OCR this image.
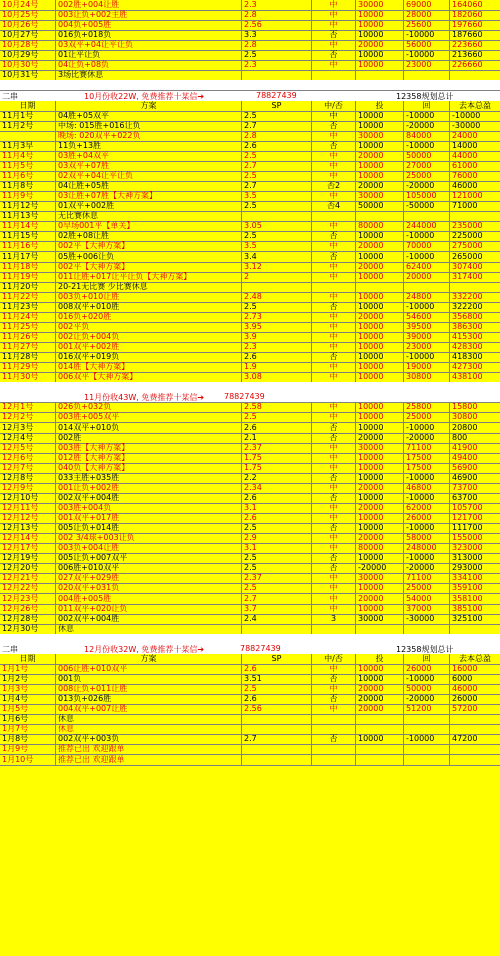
10月24号	002胜+004让胜	2.3	中	30000	69000	164060
10月25号	003让负+002主胜	2.8	中	10000	28000	182060
10月26号	004负+005胜	2.56	中	10000	25600	197660
10月27号	016负+018负	3.3	否	10000	-10000	187660
10月28号	03双平+04让平让负	2.8	中	20000	56000	223660
10月29号	01让平让负	2.5	否	10000	-10000	213660
10月30号	04让负+08负	2.3	中	10000	23000	226660
10月31号	3场比赛休息
二串	10月份收22W, 免费推荐十某信➔	78827439	12358规划总计
日期	方案	SP	中/否	投	回	去本总盈
11月1号	04胜+05双平	2.5	中	10000	-10000	-10000
11月2号	中场: 015胜+016让负	2.7	否	10000	-20000	-30000
晚场: 020双平+022负	2.8	中	30000	84000	24000
11月3早	11负+13胜	2.6	否	10000	-10000	14000
11月4号	03胜+04双平	2.5	中	20000	50000	44000
11月5号	03双平+07胜	2.7	中	10000	27000	61000
11月6号	02双平+04让平让负	2.5	中	10000	25000	76000
11月8号	04让胜+05胜	2.7	否2	20000	-20000	46000
11月9号	03让胜+07胜【大神方案】	3.5	中	30000	105000	121000
11月12号	01双平+002胜	2.5	否4	50000	-50000	71000
11月13号	无比赛休息
11月14号	0早场001平【单关】	3.05	中	80000	244000	235000
11月15号	02胜+08让胜	2.5	否	10000	-10000	225000
11月16号	002平【大神方案】	3.5	中	20000	70000	275000
11月17号	05胜+006让负	3.4	否	10000	-10000	265000
11月18号	002平【大神方案】	3.12	中	20000	62400	307400
11月19号	011让胜+017让平让负【大神方案】	2	中	10000	20000	317400
11月20号	20-21无比赛 少比赛休息
11月22号	003负+010让胜	2.48	中	10000	24800	332200
11月23号	008双平+010胜	2.5	否	10000	-10000	322200
11月24号	016负+020胜	2.73	中	20000	54600	356800
11月25号	002平负	3.95	中	10000	39500	386300
11月26号	002让负+004负	3.9	中	10000	39000	415300
11月27号	001双平+002胜	2.3	中	10000	23000	428300
11月28号	016双平+019负	2.6	否	10000	-10000	418300
11月29号	014胜【大神方案】	1.9	中	10000	19000	427300
11月30号	006双平【大神方案】	3.08	中	10000	30800	438100
11月份收43W, 免费推荐十某信➔ 78827439
12月1号	026负+032负	2.58	中	10000	25800	15800
12月2号	003胜+005双平	2.5	中	10000	25000	30800
12月3号	014双平+010负	2.6	否	10000	-10000	20800
12月4号	002胜	2.1	否	20000	-20000	800
12月5号	003胜【大神方案】	2.37	中	30000	71100	41900
12月6号	012胜【大神方案】	1.75	中	10000	17500	49400
12月7号	040负【大神方案】	1.75	中	10000	17500	56900
12月8号	033主胜+035胜	2.2	否	10000	-10000	46900
12月9号	001让负+002胜	2.34	中	20000	46800	73700
12月10号	002双平+004胜	2.6	否	10000	-10000	63700
12月11号	003胜+004负	3.1	中	20000	62000	105700
12月12号	001双平+017胜	2.6	中	10000	26000	121700
12月13号	005让负+014胜	2.5	否	10000	-10000	111700
12月14号	002 3/4球+003让负	2.9	中	20000	58000	155000
12月17号	003负+004让胜	3.1	中	80000	248000	323000
12月19号	005让负+007双平	2.5	否	10000	-10000	313000
12月20号	006胜+010双平	2.5	否	-20000	-20000	293000
12月21号	027双平+029胜	2.37	中	30000	71100	334100
12月22号	020双平+031负	2.5	中	10000	25000	359100
12月23号	004胜+005胜	2.7	中	20000	54000	358100
12月26号	011双平+020让负	3.7	中	10000	37000	385100
12月28号	002双平+004胜	2.4	3	30000	-30000	325100
12月30号	休息
二串	12月份收32W, 免费推荐十某信➔	78827439	12358规划总计
日期	方案	SP	中/否	投	回	去本总盈
1月1号	006让胜+010双平	2.6	中	10000	26000	16000
1月2号	001负	3.51	否	10000	-10000	6000
1月3号	008让负+011让胜	2.5	中	20000	50000	46000
1月4号	013负+026胜	2.6	否	20000	-20000	26000
1月5号	004双平+007让胜	2.56	中	20000	51200	57200
1月6号	休息
1月7号	休息
1月8号	002双平+003负	2.7	否	10000	-10000	47200
1月9号	推荐已出 欢迎跟单
1月10号	推荐已出 欢迎跟单
